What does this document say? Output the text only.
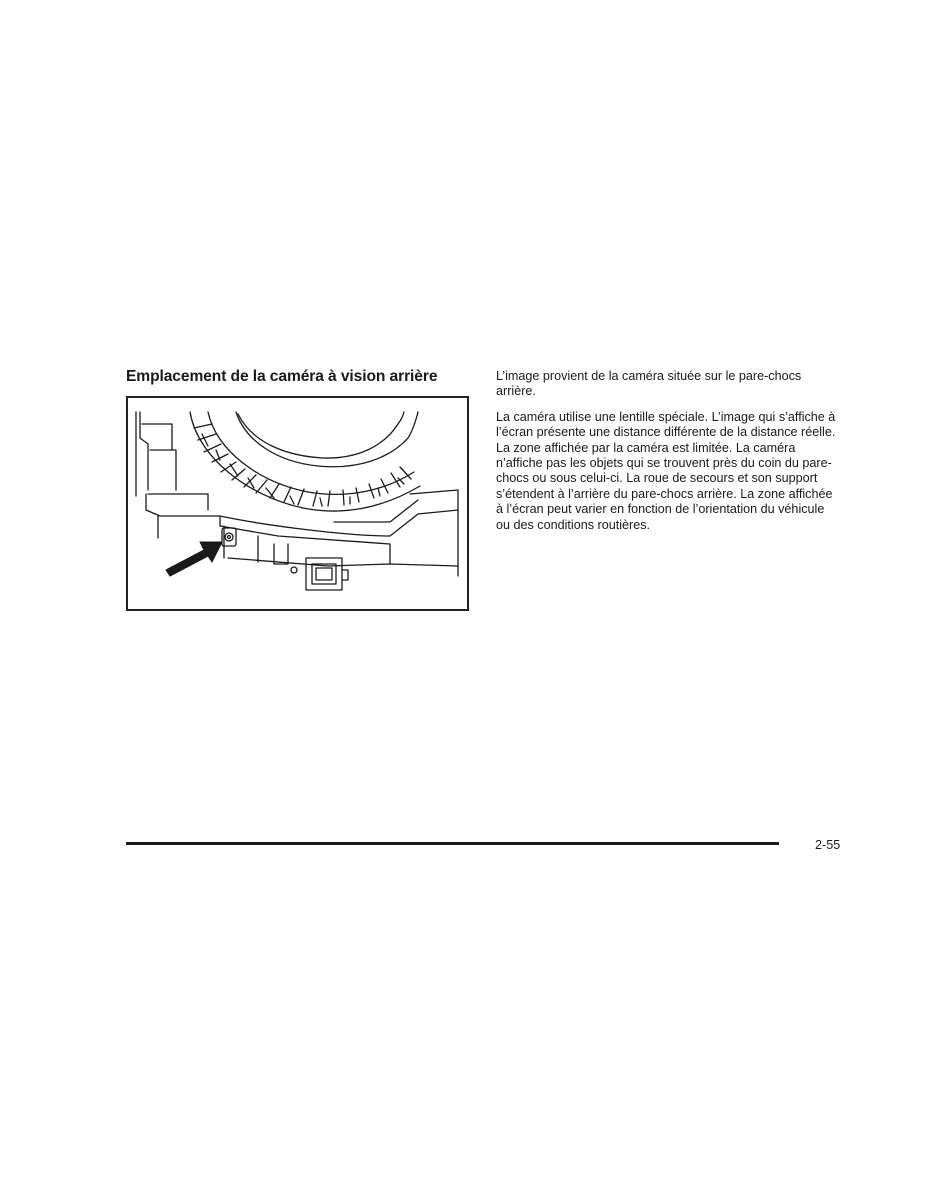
Emplacement de la caméra à vision arrière	L’image provient de la caméra située sur le pare-chocs arrière.

La caméra utilise une lentille spéciale. L’image qui s’affiche à l’écran présente une distance différente de la distance réelle. La zone affichée par la caméra est limitée. La caméra n’affiche pas les objets qui se trouvent près du coin du pare-chocs ou sous celui-ci. La roue de secours et son support s’étendent à l’arrière du pare-chocs arrière. La zone affichée à l’écran peut varier en fonction de l’orientation du véhicule ou des conditions routières.

2-55
